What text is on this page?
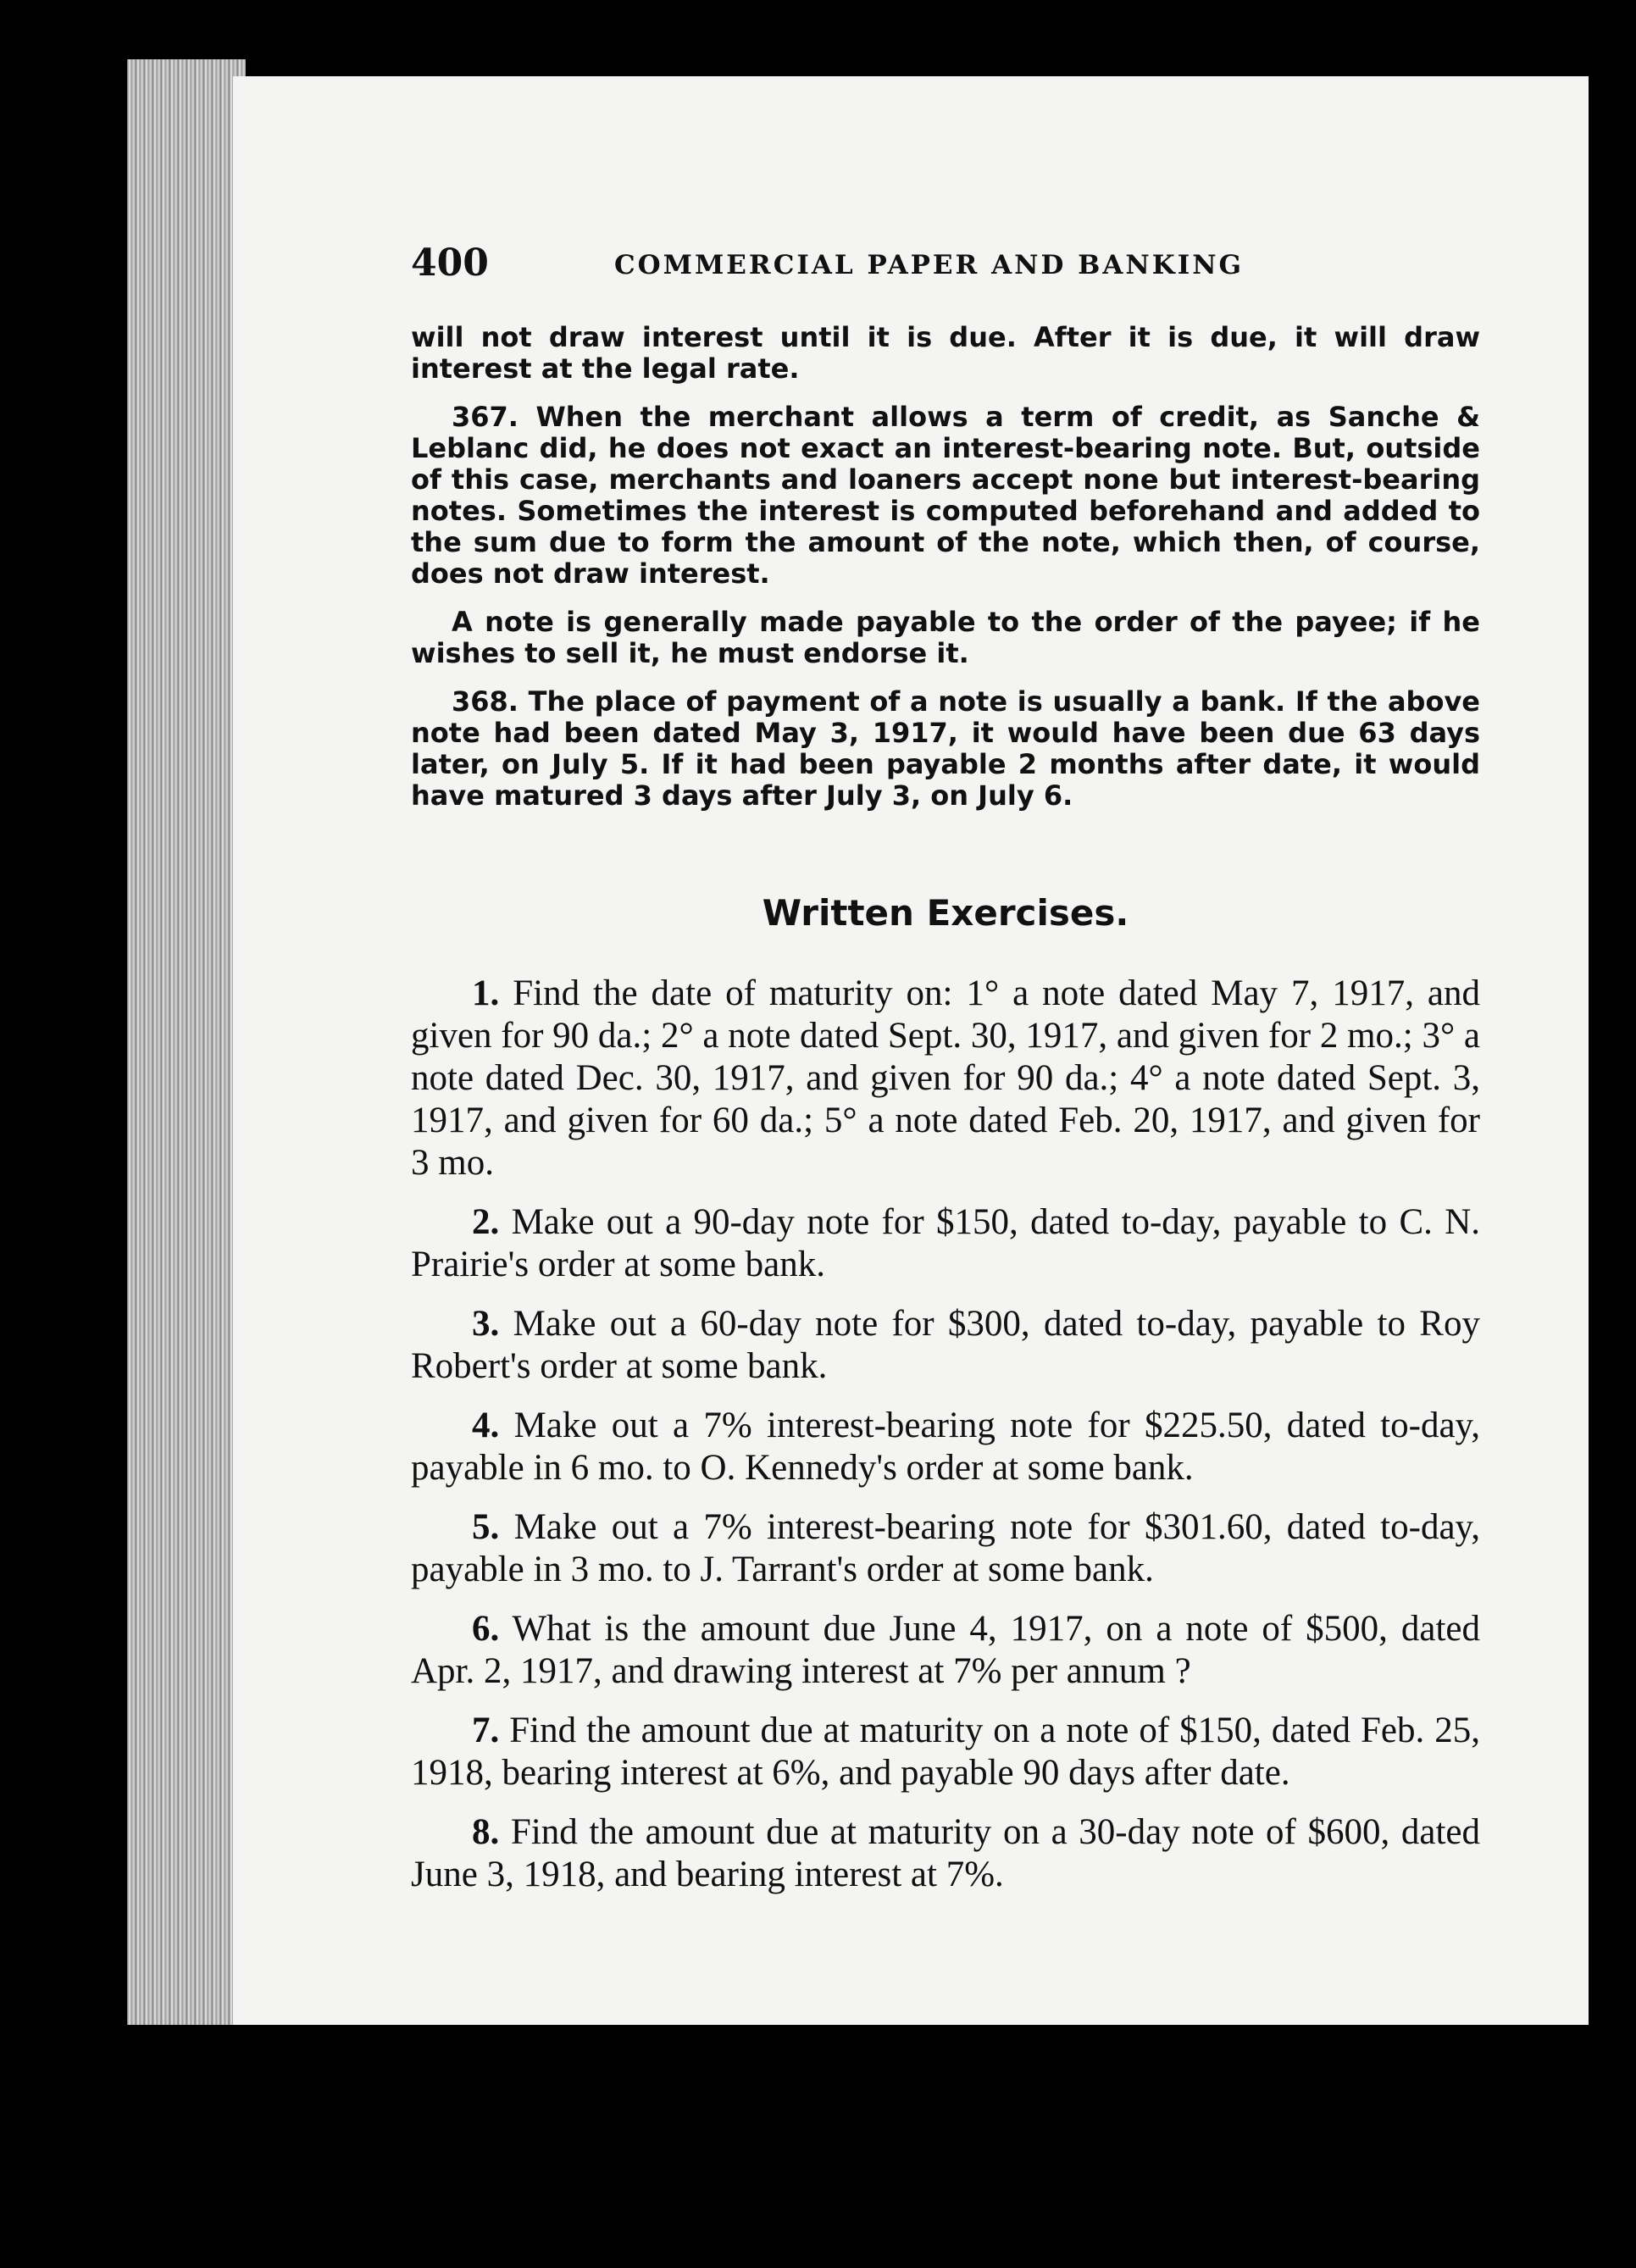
400	COMMERCIAL PAPER AND BANKING

will not draw interest until it is due. After it is due, it will draw interest at the legal rate.

367. When the merchant allows a term of credit, as Sanche & Leblanc did, he does not exact an interest-bearing note. But, outside of this case, merchants and loaners accept none but interest-bearing notes. Sometimes the interest is computed beforehand and added to the sum due to form the amount of the note, which then, of course, does not draw interest.

A note is generally made payable to the order of the payee; if he wishes to sell it, he must endorse it.

368. The place of payment of a note is usually a bank. If the above note had been dated May 3, 1917, it would have been due 63 days later, on July 5. If it had been payable 2 months after date, it would have matured 3 days after July 3, on July 6.

Written Exercises.

1. Find the date of maturity on: 1° a note dated May 7, 1917, and given for 90 da.; 2° a note dated Sept. 30, 1917, and given for 2 mo.; 3° a note dated Dec. 30, 1917, and given for 90 da.; 4° a note dated Sept. 3, 1917, and given for 60 da.; 5° a note dated Feb. 20, 1917, and given for 3 mo.

2. Make out a 90-day note for $150, dated to-day, payable to C. N. Prairie's order at some bank.

3. Make out a 60-day note for $300, dated to-day, payable to Roy Robert's order at some bank.

4. Make out a 7% interest-bearing note for $225.50, dated to-day, payable in 6 mo. to O. Kennedy's order at some bank.

5. Make out a 7% interest-bearing note for $301.60, dated to-day, payable in 3 mo. to J. Tarrant's order at some bank.

6. What is the amount due June 4, 1917, on a note of $500, dated Apr. 2, 1917, and drawing interest at 7% per annum ?

7. Find the amount due at maturity on a note of $150, dated Feb. 25, 1918, bearing interest at 6%, and payable 90 days after date.

8. Find the amount due at maturity on a 30-day note of $600, dated June 3, 1918, and bearing interest at 7%.

s
